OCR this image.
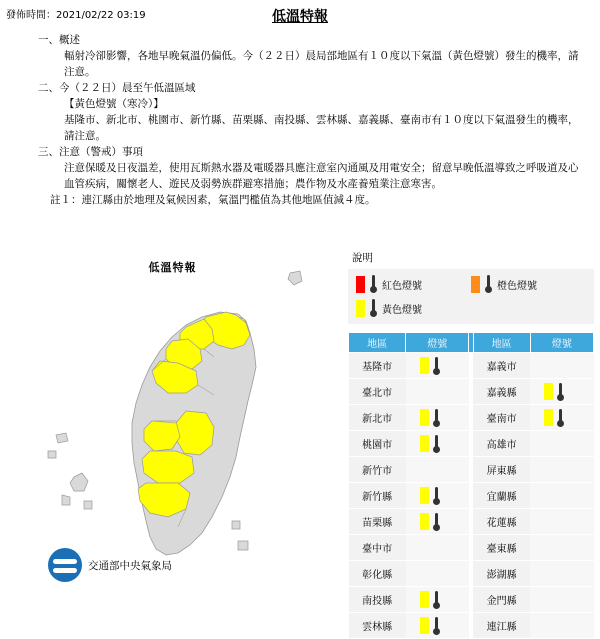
發佈時間：2021/02/22 03:19	低溫特報
一、概述
輻射冷卻影響，各地早晚氣溫仍偏低。今（２２日）晨局部地區有１０度以下氣溫（黃色燈號）發生的機率，請注意。
二、今（２２日）晨至午低溫區域
【黃色燈號（寒冷）】
基隆市、新北市、桃園市、新竹縣、苗栗縣、南投縣、雲林縣、嘉義縣、臺南市有１０度以下氣溫發生的機率，請注意。
三、注意（警戒）事項
注意保暖及日夜溫差，使用瓦斯熱水器及電暖器具應注意室內通風及用電安全；留意早晚低溫導致之呼吸道及心血管疾病，關懷老人、遊民及弱勢族群避寒措施；農作物及水產養殖業注意寒害。
註１：連江縣由於地理及氣候因素，氣溫門檻值為其他地區值減４度。
低溫特報
交通部中央氣象局
說明
紅色燈號	橙色燈號
黃色燈號
地區	燈號		地區	燈號
基隆市			嘉義市	
臺北市			嘉義縣	

新北市			臺南市	

桃園市			高雄市	
新竹市			屏東縣	
新竹縣			宜蘭縣	
苗栗縣			花蓮縣	
臺中市			臺東縣	
彰化縣			澎湖縣	
南投縣			金門縣	
雲林縣			連江縣	
